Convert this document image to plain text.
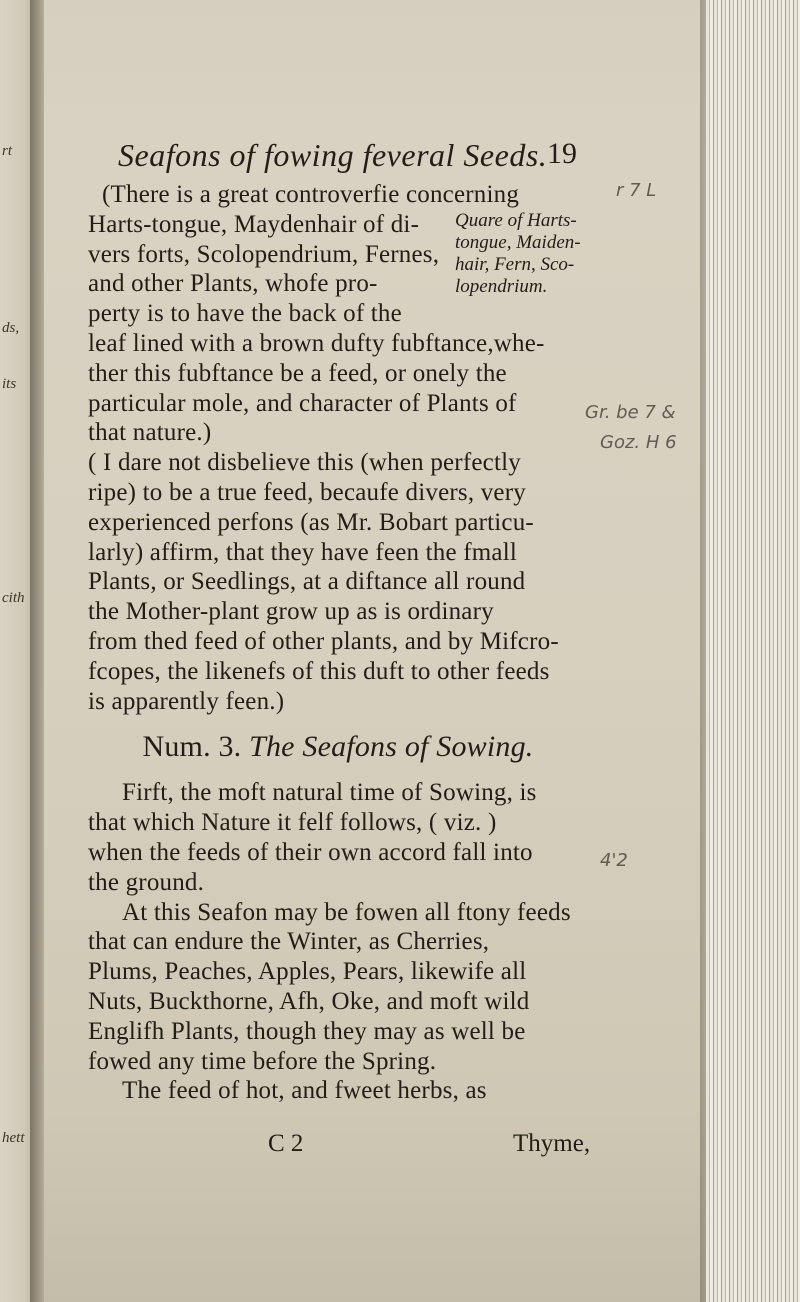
rt
ds,
its
cith
hett
Seafons of fowing feveral Seeds. 19
Quare of Harts-
tongue, Maiden-
hair, Fern, Sco-
lopendrium.
r 7 L
Gr. be 7 &
Goz. H 6
4'2
(There is a great controverfie concerning
Harts-tongue, Maydenhair of di-
vers forts, Scolopendrium, Fernes,
and other Plants, whofe pro-
perty is to have the back of the
leaf lined with a brown dufty fubftance,whe-
ther this fubftance be a feed, or onely the
particular mole, and character of Plants of
that nature.)
( I dare not disbelieve this (when perfectly
ripe) to be a true feed, becaufe divers, very
experienced perfons (as Mr. Bobart particu-
larly) affirm, that they have feen the fmall
Plants, or Seedlings, at a diftance all round
the Mother-plant grow up as is ordinary
from thed feed of other plants, and by Mifcro-
fcopes, the likenefs of this duft to other feeds
is apparently feen.)
Num. 3. The Seafons of Sowing.
Firft, the moft natural time of Sowing, is
that which Nature it felf follows, ( viz. )
when the feeds of their own accord fall into
the ground.
At this Seafon may be fowen all ftony feeds
that can endure the Winter, as Cherries,
Plums, Peaches, Apples, Pears, likewife all
Nuts, Buckthorne, Afh, Oke, and moft wild
Englifh Plants, though they may as well be
fowed any time before the Spring.
The feed of hot, and fweet herbs, as
C 2	Thyme,
